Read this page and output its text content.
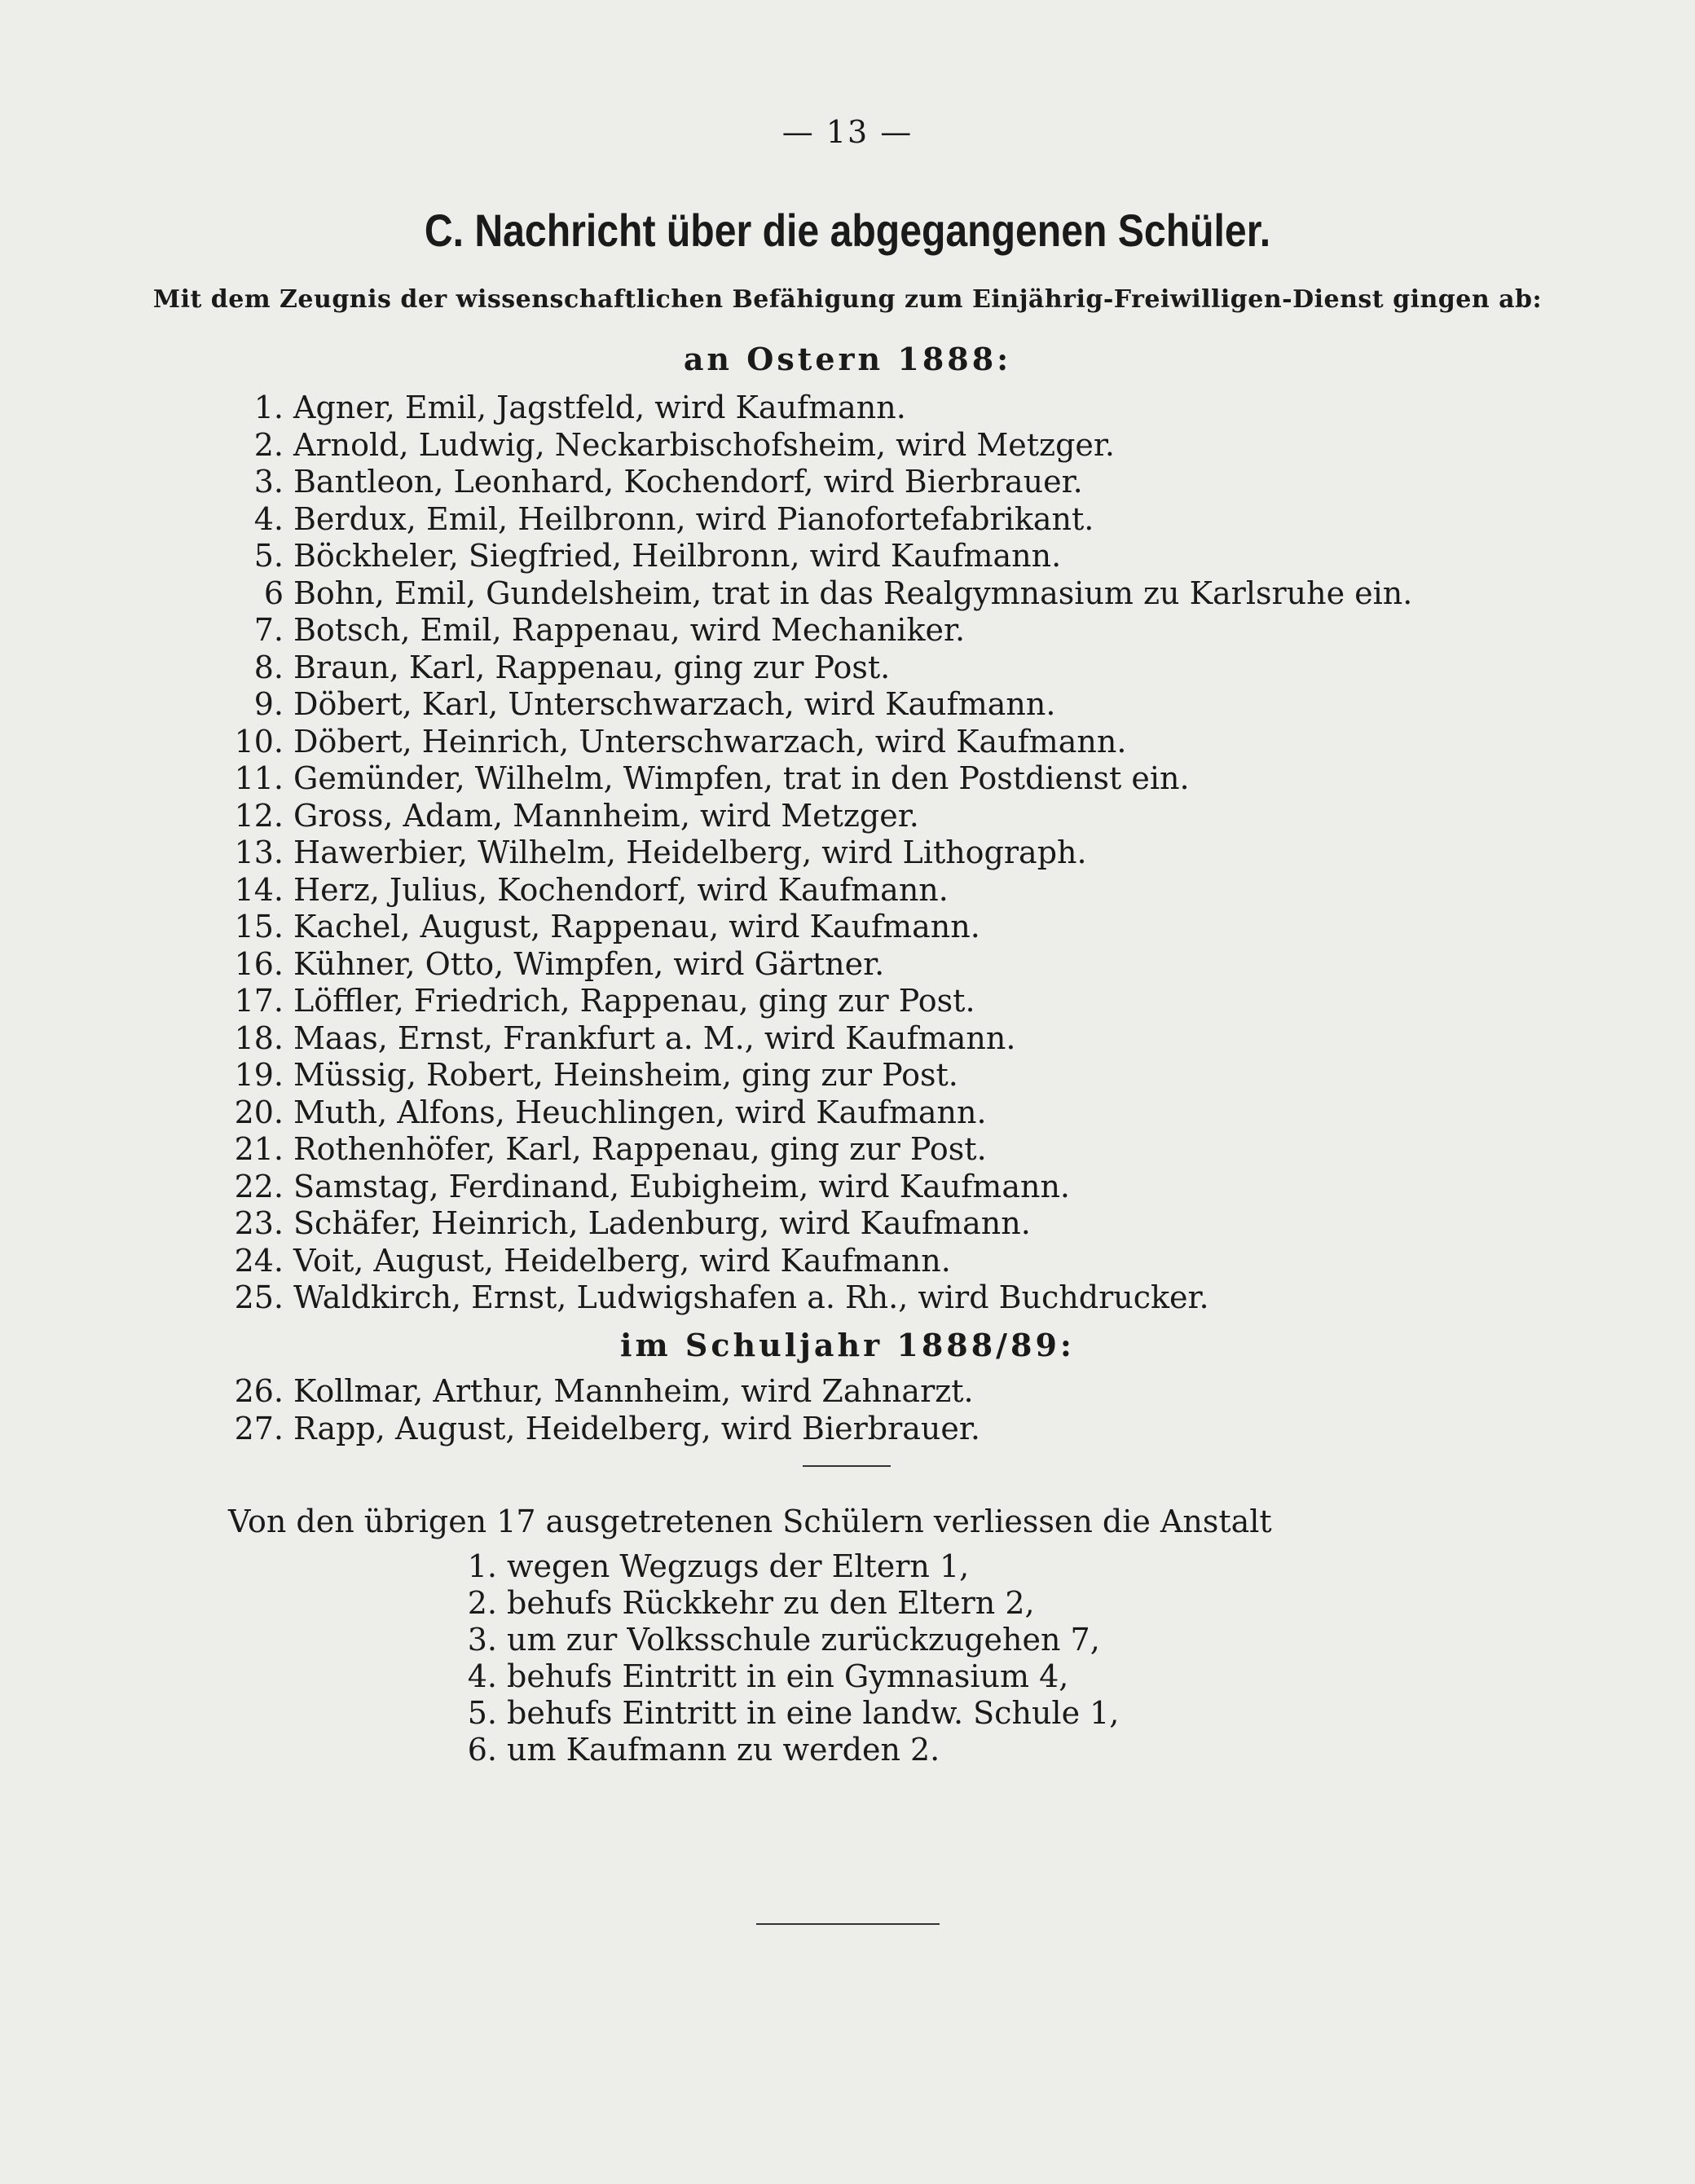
— 13 —
C. Nachricht über die abgegangenen Schüler.
Mit dem Zeugnis der wissenschaftlichen Befähigung zum Einjährig-Freiwilligen-Dienst gingen ab:
an Ostern 1888:
1. Agner, Emil, Jagstfeld, wird Kaufmann.
2. Arnold, Ludwig, Neckarbischofsheim, wird Metzger.
3. Bantleon, Leonhard, Kochendorf, wird Bierbrauer.
4. Berdux, Emil, Heilbronn, wird Pianofortefabrikant.
5. Böckheler, Siegfried, Heilbronn, wird Kaufmann.
6 Bohn, Emil, Gundelsheim, trat in das Realgymnasium zu Karlsruhe ein.
7. Botsch, Emil, Rappenau, wird Mechaniker.
8. Braun, Karl, Rappenau, ging zur Post.
9. Döbert, Karl, Unterschwarzach, wird Kaufmann.
10. Döbert, Heinrich, Unterschwarzach, wird Kaufmann.
11. Gemünder, Wilhelm, Wimpfen, trat in den Postdienst ein.
12. Gross, Adam, Mannheim, wird Metzger.
13. Hawerbier, Wilhelm, Heidelberg, wird Lithograph.
14. Herz, Julius, Kochendorf, wird Kaufmann.
15. Kachel, August, Rappenau, wird Kaufmann.
16. Kühner, Otto, Wimpfen, wird Gärtner.
17. Löffler, Friedrich, Rappenau, ging zur Post.
18. Maas, Ernst, Frankfurt a. M., wird Kaufmann.
19. Müssig, Robert, Heinsheim, ging zur Post.
20. Muth, Alfons, Heuchlingen, wird Kaufmann.
21. Rothenhöfer, Karl, Rappenau, ging zur Post.
22. Samstag, Ferdinand, Eubigheim, wird Kaufmann.
23. Schäfer, Heinrich, Ladenburg, wird Kaufmann.
24. Voit, August, Heidelberg, wird Kaufmann.
25. Waldkirch, Ernst, Ludwigshafen a. Rh., wird Buchdrucker.
im Schuljahr 1888/89:
26. Kollmar, Arthur, Mannheim, wird Zahnarzt.
27. Rapp, August, Heidelberg, wird Bierbrauer.
Von den übrigen 17 ausgetretenen Schülern verliessen die Anstalt
1. wegen Wegzugs der Eltern 1,
2. behufs Rückkehr zu den Eltern 2,
3. um zur Volksschule zurückzugehen 7,
4. behufs Eintritt in ein Gymnasium 4,
5. behufs Eintritt in eine landw. Schule 1,
6. um Kaufmann zu werden 2.
